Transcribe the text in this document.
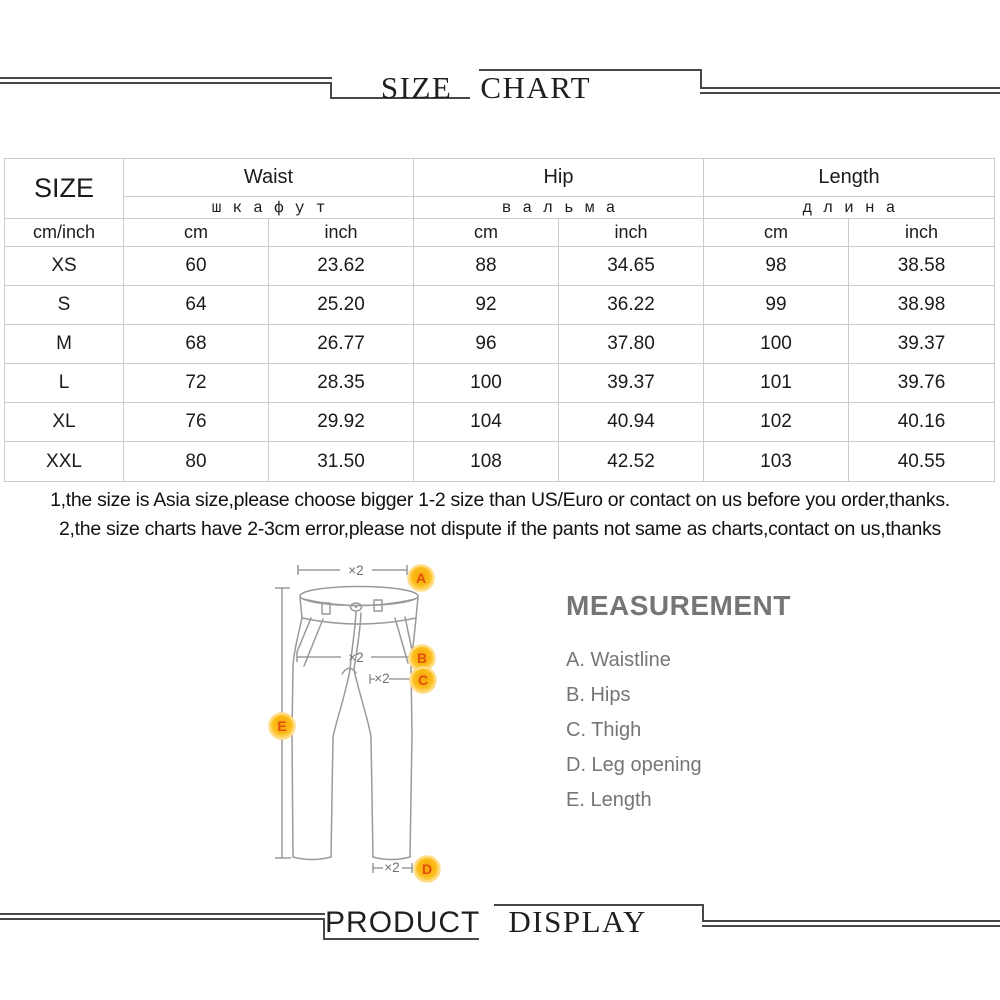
SIZE CHART
SIZE	Waist	Hip	Length
шкафут	вальма	длина
cm/inch	cm	inch	cm	inch	cm	inch
XS	60	23.62	88	34.65	98	38.58
S	64	25.20	92	36.22	99	38.98
M	68	26.77	96	37.80	100	39.37
L	72	28.35	100	39.37	101	39.76
XL	76	29.92	104	40.94	102	40.16
XXL	80	31.50	108	42.52	103	40.55
1,the size is Asia size,please choose bigger 1-2 size than US/Euro or contact on us before you order,thanks.
2,the size charts have 2-3cm error,please not dispute if the pants not same as charts,contact on us,thanks
×2
×2
×2
×2
A
B
C
E
D
MEASUREMENT
A. Waistline
B. Hips
C. Thigh
D. Leg opening
E. Length
PRODUCT DISPLAY
